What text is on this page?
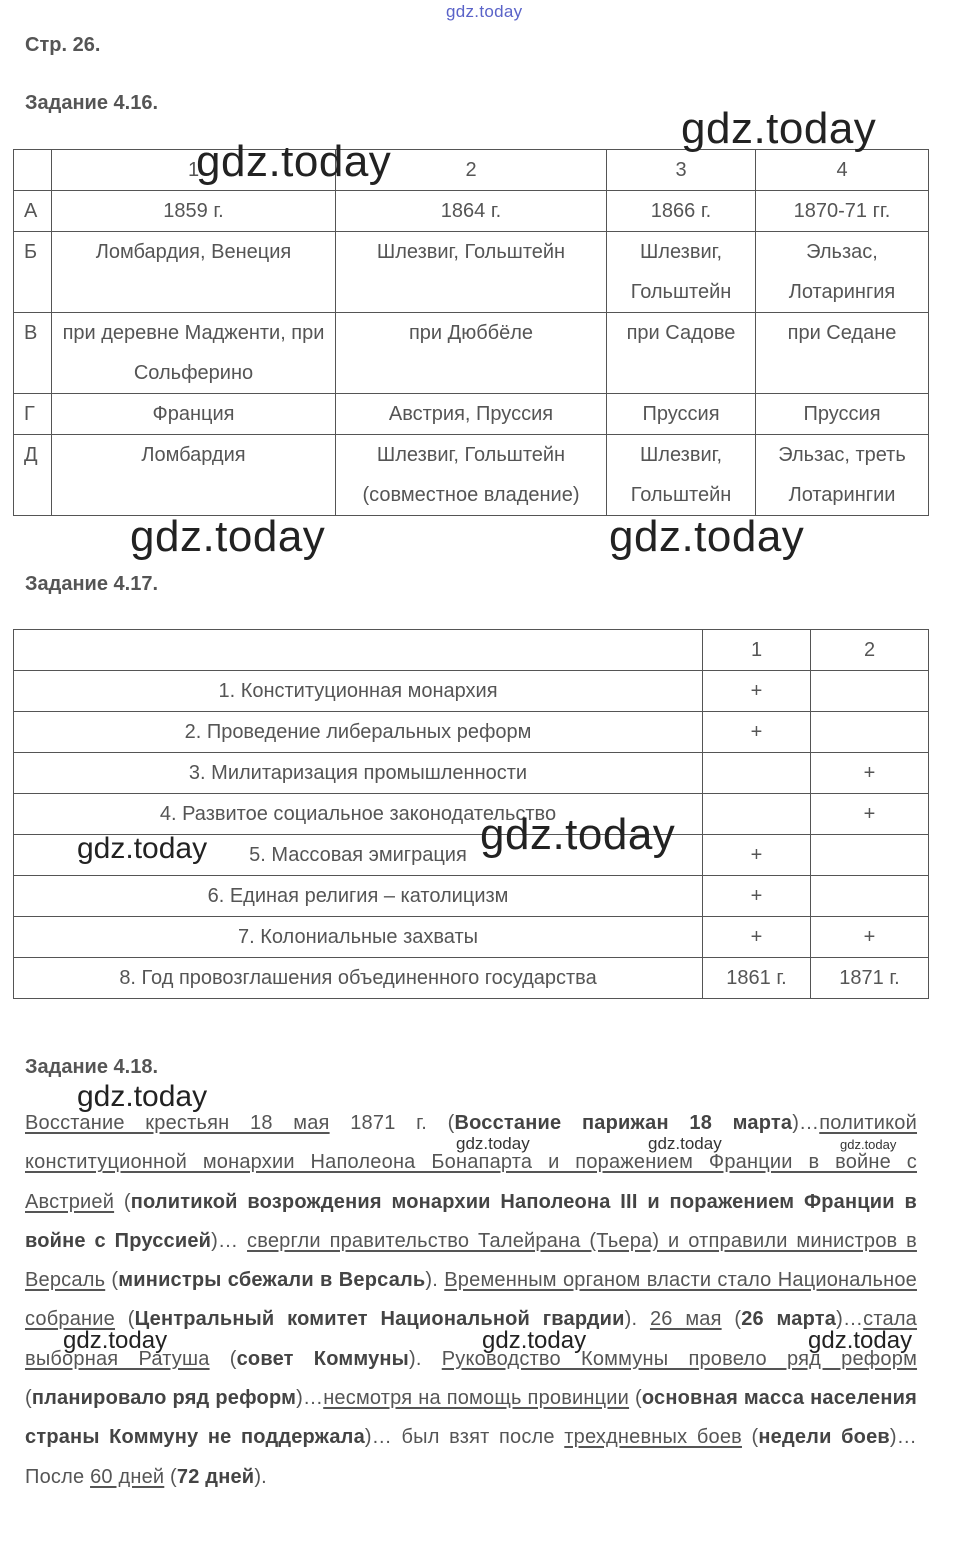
gdz.today
Стр. 26.
Задание 4.16.
	1	2	3	4
А	1859 г.	1864 г.	1866 г.	1870-71 гг.
Б	Ломбардия, Венеция	Шлезвиг, Гольштейн	Шлезвиг, Гольштейн	Эльзас, Лотарингия
В	при деревне Мадженти, при Сольферино	при Дюббёле	при Садове	при Седане
Г	Франция	Австрия, Пруссия	Пруссия	Пруссия
Д	Ломбардия	Шлезвиг, Гольштейн (совместное владение)	Шлезвиг, Гольштейн	Эльзас, треть Лотарингии
Задание 4.17.
	1	2
1. Конституционная монархия	+	
2. Проведение либеральных реформ	+	
3. Милитаризация промышленности		+
4. Развитое социальное законодательство		+
5. Массовая эмиграция	+	
6. Единая религия – католицизм	+	
7. Колониальные захваты	+	+
8. Год провозглашения объединенного государства	1861 г.	1871 г.
Задание 4.18.
Восстание крестьян 18 мая 1871 г. (Восстание парижан 18 марта)…политикой конституционной монархии Наполеона Бонапарта и поражением Франции в войне с Австрией (политикой возрождения монархии Наполеона III и поражением Франции в войне с Пруссией)… свергли правительство Талейрана (Тьера) и отправили министров в Версаль (министры сбежали в Версаль). Временным органом власти стало Национальное собрание (Центральный комитет Национальной гвардии). 26 мая (26 марта)…стала выборная Ратуша (совет Коммуны). Руководство Коммуны провело ряд реформ (планировало ряд реформ)…несмотря на помощь провинции (основная масса населения страны Коммуну не поддержала)… был взят после трехдневных боев (недели боев)…После 60 дней (72 дней).
gdz.today
gdz.today
gdz.today	gdz.today
gdz.today
gdz.today
gdz.today
gdz.today	gdz.today	gdz.today
gdz.today	gdz.today	gdz.today
